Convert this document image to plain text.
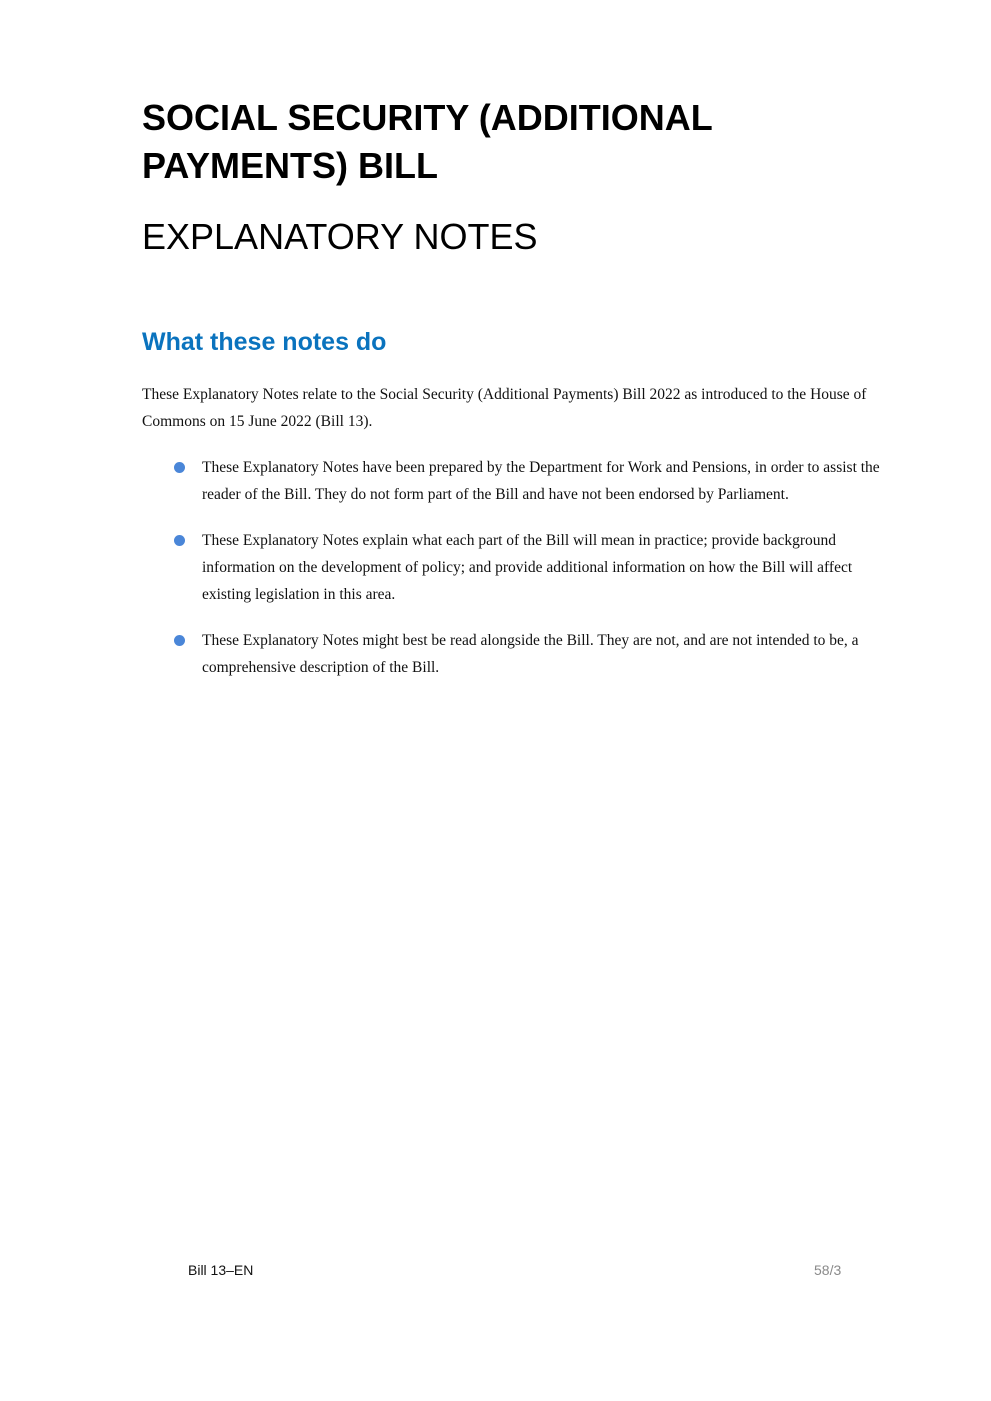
SOCIAL SECURITY (ADDITIONAL PAYMENTS) BILL
EXPLANATORY NOTES
What these notes do

These Explanatory Notes relate to the Social Security (Additional Payments) Bill 2022 as introduced to the House of Commons on 15 June 2022 (Bill 13).

These Explanatory Notes have been prepared by the Department for Work and Pensions, in order to assist the reader of the Bill. They do not form part of the Bill and have not been endorsed by Parliament.
These Explanatory Notes explain what each part of the Bill will mean in practice; provide background information on the development of policy; and provide additional information on how the Bill will affect existing legislation in this area.
These Explanatory Notes might best be read alongside the Bill. They are not, and are not intended to be, a comprehensive description of the Bill.
Bill 13–EN	58/3
